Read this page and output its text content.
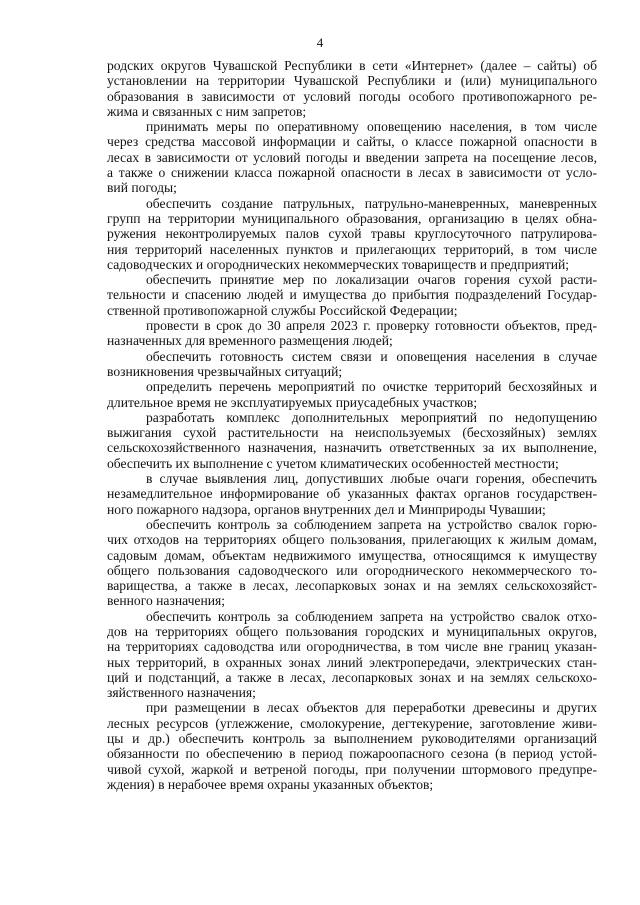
4
родских округов Чувашской Республики в сети «Интернет» (далее – сайты) об
установлении на территории Чувашской Республики и (или) муниципального
образования в зависимости от условий погоды особого противопожарного ре-
жима и связанных с ним запретов;
принимать меры по оперативному оповещению населения, в том числе
через средства массовой информации и сайты, о классе пожарной опасности в
лесах в зависимости от условий погоды и введении запрета на посещение лесов,
а также о снижении класса пожарной опасности в лесах в зависимости от усло-
вий погоды;
обеспечить создание патрульных, патрульно-маневренных, маневренных
групп на территории муниципального образования, организацию в целях обна-
ружения неконтролируемых палов сухой травы круглосуточного патрулирова-
ния территорий населенных пунктов и прилегающих территорий, в том числе
садоводческих и огороднических некоммерческих товариществ и предприятий;
обеспечить принятие мер по локализации очагов горения сухой расти-
тельности и спасению людей и имущества до прибытия подразделений Государ-
ственной противопожарной службы Российской Федерации;
провести в срок до 30 апреля 2023 г. проверку готовности объектов, пред-
назначенных для временного размещения людей;
обеспечить готовность систем связи и оповещения населения в случае
возникновения чрезвычайных ситуаций;
определить перечень мероприятий по очистке территорий бесхозяйных и
длительное время не эксплуатируемых приусадебных участков;
разработать комплекс дополнительных мероприятий по недопущению
выжигания сухой растительности на неиспользуемых (бесхозяйных) землях
сельскохозяйственного назначения, назначить ответственных за их выполнение,
обеспечить их выполнение с учетом климатических особенностей местности;
в случае выявления лиц, допустивших любые очаги горения, обеспечить
незамедлительное информирование об указанных фактах органов государствен-
ного пожарного надзора, органов внутренних дел и Минприроды Чувашии;
обеспечить контроль за соблюдением запрета на устройство свалок горю-
чих отходов на территориях общего пользования, прилегающих к жилым домам,
садовым домам, объектам недвижимого имущества, относящимся к имуществу
общего пользования садоводческого или огороднического некоммерческого то-
варищества, а также в лесах, лесопарковых зонах и на землях сельскохозяйст-
венного назначения;
обеспечить контроль за соблюдением запрета на устройство свалок отхо-
дов на территориях общего пользования городских и муниципальных округов,
на территориях садоводства или огородничества, в том числе вне границ указан-
ных территорий, в охранных зонах линий электропередачи, электрических стан-
ций и подстанций, а также в лесах, лесопарковых зонах и на землях сельскохо-
зяйственного назначения;
при размещении в лесах объектов для переработки древесины и других
лесных ресурсов (углежжение, смолокурение, дегтекурение, заготовление живи-
цы и др.) обеспечить контроль за выполнением руководителями организаций
обязанности по обеспечению в период пожароопасного сезона (в период устой-
чивой сухой, жаркой и ветреной погоды, при получении штормового предупре-
ждения) в нерабочее время охраны указанных объектов;
